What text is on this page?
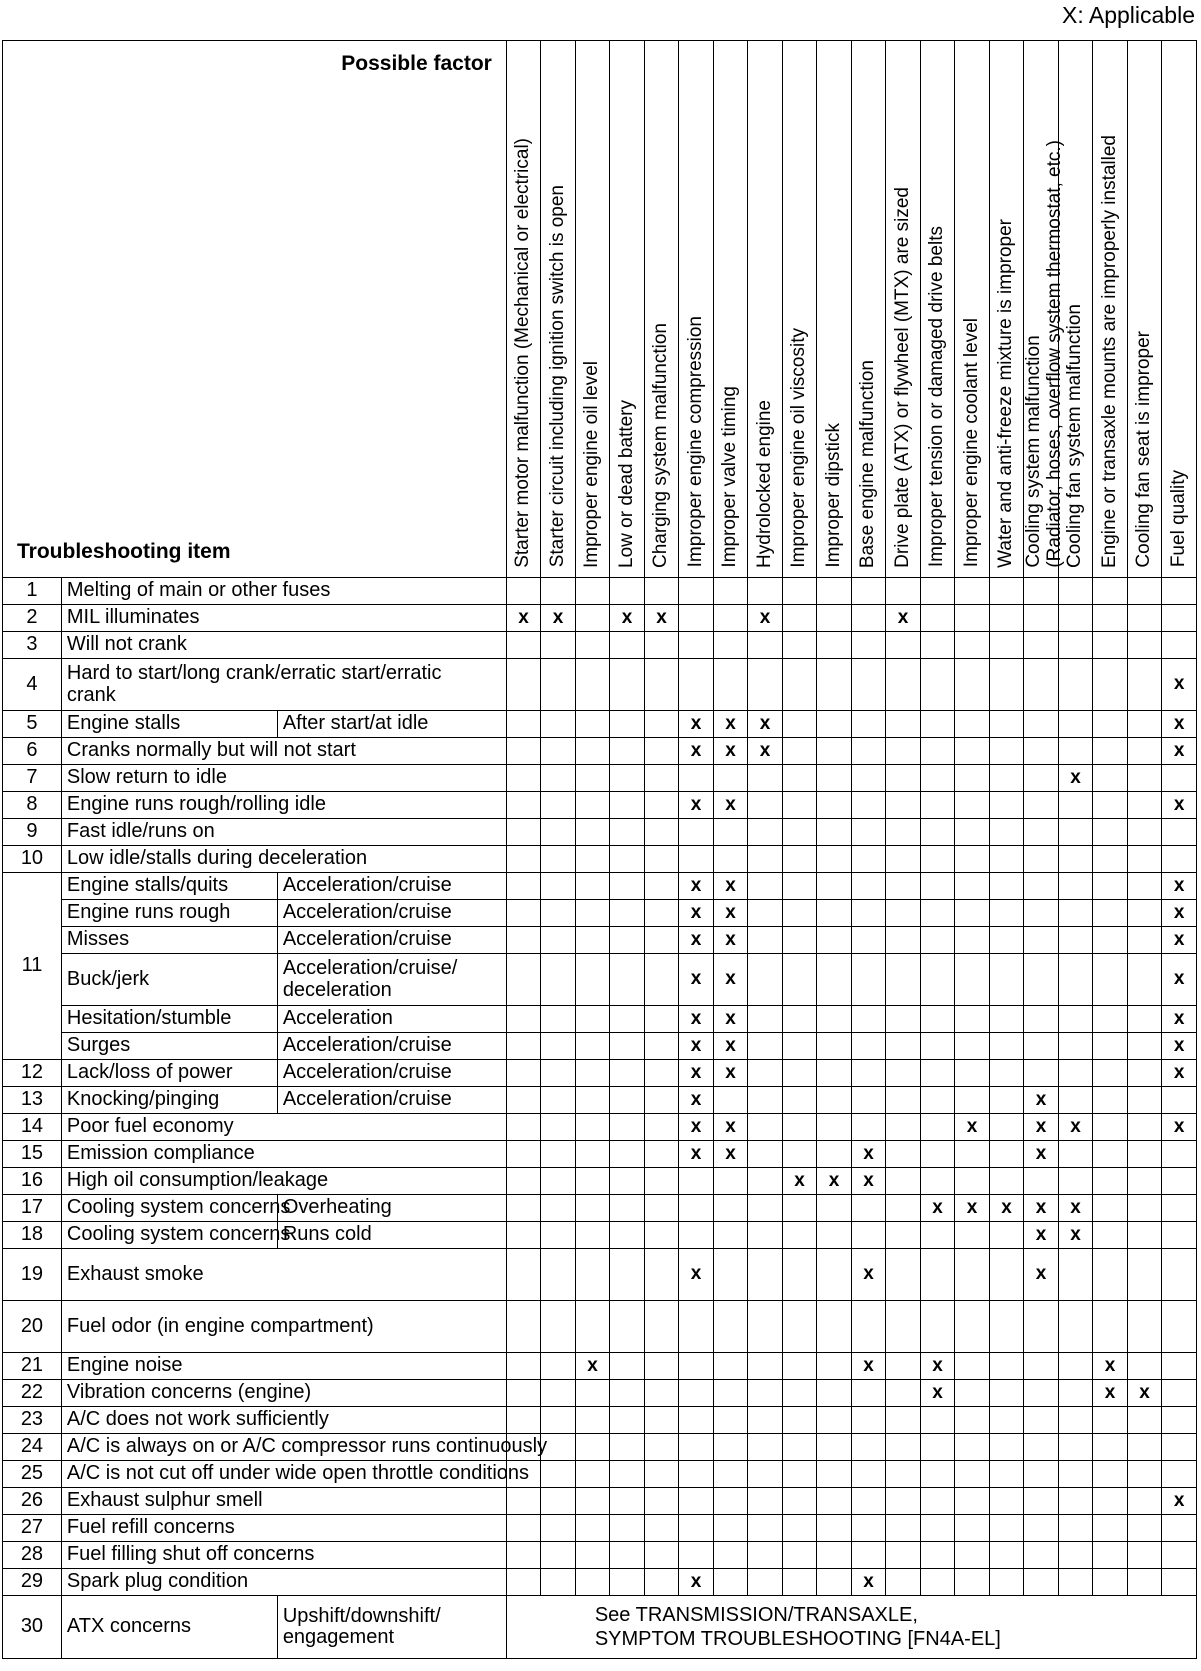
X: Applicable
Possible factor
Troubleshooting item			Starter motor malfunction (Mechanical or electrical)	Starter circuit including ignition switch is open	Improper engine oil level	Low or dead battery	Charging system malfunction	Improper engine compression	Improper valve timing	Hydrolocked engine	Improper engine oil viscosity	Improper dipstick	Base engine malfunction	Drive plate (ATX) or flywheel (MTX) are sized	Improper tension or damaged drive belts	Improper engine coolant level	Water and anti-freeze mixture is improper	Cooling system malfunction
(Radiator, hoses, overflow system thermostat, etc.)	Cooling fan system malfunction	Engine or transaxle mounts are improperly installed	Cooling fan seat is improper	Fuel quality
1	Melting of main or other fuses																					
2	MIL illuminates		x	x		x	x			x				x								
3	Will not crank																					
4	Hard to start/long crank/erratic start/erratic crank																					x
5	Engine stalls	After start/at idle						x	x	x												x
6	Cranks normally but will not start							x	x	x												x
7	Slow return to idle																		x			
8	Engine runs rough/rolling idle							x	x													x
9	Fast idle/runs on																					
10	Low idle/stalls during deceleration																					
11	Engine stalls/quits	Acceleration/cruise						x	x													x
	Engine runs rough	Acceleration/cruise						x	x													x
	Misses	Acceleration/cruise						x	x													x
	Buck/jerk	Acceleration/cruise/ deceleration						x	x													x
	Hesitation/stumble	Acceleration						x	x													x
	Surges	Acceleration/cruise						x	x													x
12	Lack/loss of power	Acceleration/cruise						x	x													x
13	Knocking/pinging	Acceleration/cruise						x										x				
14	Poor fuel economy							x	x							x		x	x			x
15	Emission compliance							x	x				x					x				
16	High oil consumption/leakage										x	x	x									
17	Cooling system concerns	Overheating													x	x	x	x	x			
18	Cooling system concerns	Runs cold																x	x			
19	Exhaust smoke							x					x					x				
20	Fuel odor (in engine compartment)																					
21	Engine noise				x								x		x					x		
22	Vibration concerns (engine)														x					x	x	
23	A/C does not work sufficiently																					
24	A/C is always on or A/C compressor runs continuously																					
25	A/C is not cut off under wide open throttle conditions																					
26	Exhaust sulphur smell																					x
27	Fuel refill concerns																					
28	Fuel filling shut off concerns																					
29	Spark plug condition							x					x									
30	ATX concerns	Upshift/downshift/ engagement	See TRANSMISSION/TRANSAXLE,
SYMPTOM TROUBLESHOOTING [FN4A-EL]																			
